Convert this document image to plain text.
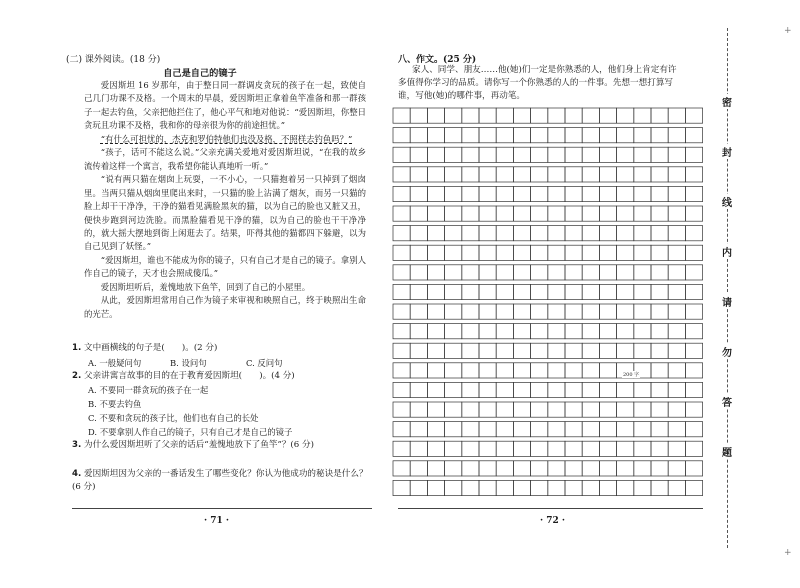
(二) 课外阅读。(18 分)
自己是自己的镜子

爱因斯坦 16 岁那年，由于整日同一群调皮贪玩的孩子在一起，致使自己几门功课不及格。一个周末的早晨，爱因斯坦正拿着鱼竿准备和那一群孩子一起去钓鱼，父亲把他拦住了，他心平气和地对他说：“爱因斯坦，你整日贪玩且功课不及格，我和你的母亲很为你的前途担忧。”

“有什么可担忧的，杰克和罗伯特他们也没及格，不照样去钓鱼吗？”

“孩子，话可不能这么说。”父亲充满关爱地对爱因斯坦说，“在我的故乡流传着这样一个寓言，我希望你能认真地听一听。”

“说有两只猫在烟囱上玩耍，一不小心，一只猫抱着另一只掉到了烟囱里。当两只猫从烟囱里爬出来时，一只猫的脸上沾满了烟灰，而另一只猫的脸上却干干净净，干净的猫看见满脸黑灰的猫，以为自己的脸也又脏又丑，便快步跑到河边洗脸。而黑脸猫看见干净的猫，以为自己的脸也干干净净的，就大摇大摆地到街上闲逛去了。结果，吓得其他的猫都四下躲避，以为自己见到了妖怪。”

“爱因斯坦，谁也不能成为你的镜子，只有自己才是自己的镜子。拿别人作自己的镜子，天才也会照成傻瓜。”

爱因斯坦听后，羞愧地放下鱼竿，回到了自己的小屋里。

从此，爱因斯坦常用自己作为镜子来审视和映照自己，终于映照出生命的光芒。

1. 文中画横线的句子是(　　)。(2 分)
A. 一般疑问句	B. 设问句	C. 反问句
2. 父亲讲寓言故事的目的在于教育爱因斯坦(　　)。(4 分)
A. 不要同一群贪玩的孩子在一起
B. 不要去钓鱼
C. 不要和贪玩的孩子比，他们也有自己的长处
D. 不要拿别人作自己的镜子，只有自己才是自己的镜子
3. 为什么爱因斯坦听了父亲的话后“羞愧地放下了鱼竿”？(6 分)
4. 爱因斯坦因为父亲的一番话发生了哪些变化？你认为他成功的秘诀是什么？(6 分)
· 71 ·
八、作文。(25 分)
家人、同学、朋友……他(她)们一定是你熟悉的人，他们身上肯定有许
多值得你学习的品质。请你写一个你熟悉的人的一件事。先想一想打算写
谁，写他(她)的哪件事，再动笔。
200 字
· 72 ·
密
封
线
内
请
勿
答
题
+
+
